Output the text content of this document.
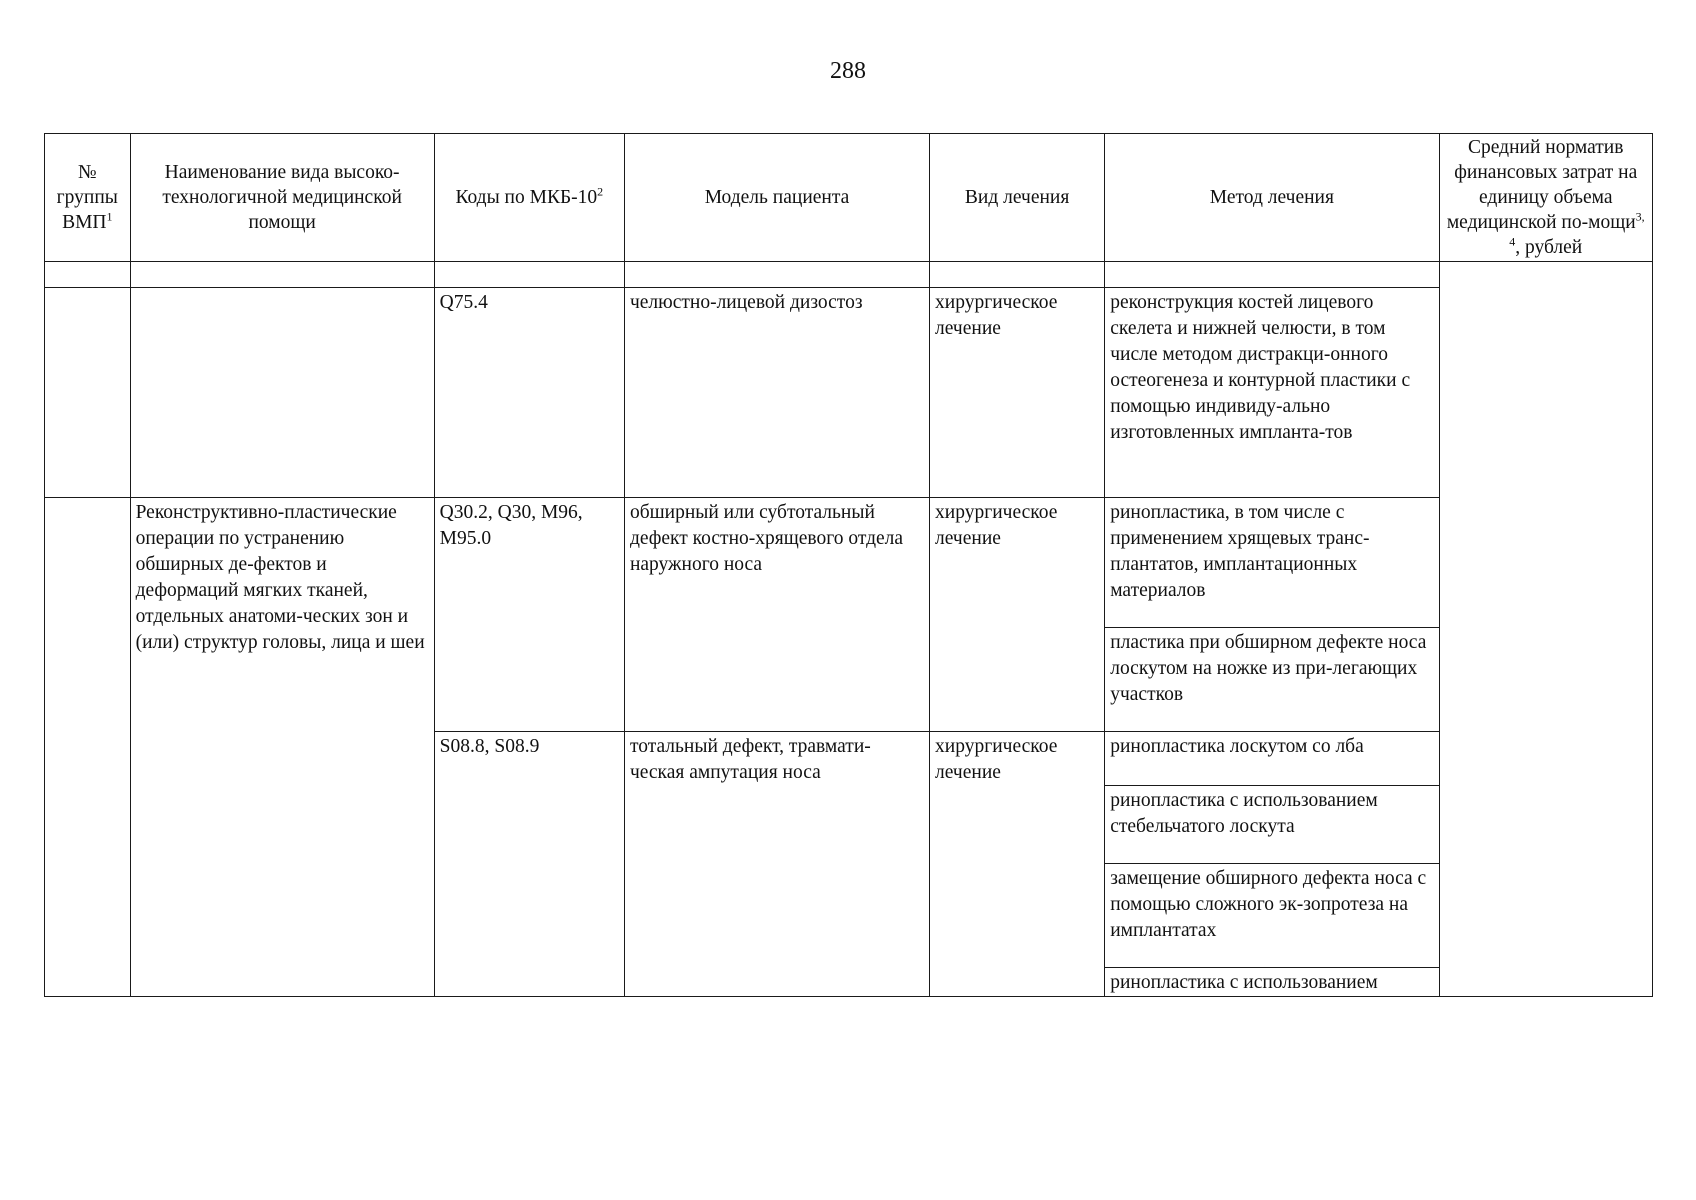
288
№ группы ВМП$^1$	Наименование вида высоко-технологичной медицинской помощи	Коды по МКБ-$10^2$	Модель пациента	Вид лечения	Метод лечения	Средний норматив финансовых затрат на единицу объема медицинской по-мощи$^{3, 4}$, рублей

		Q75.4	челюстно-лицевой дизостоз	хирургическое лечение	реконструкция костей лицевого скелета и нижней челюсти, в том числе методом дистракци-онного остеогенеза и контурной пластики с помощью индивиду-ально изготовленных импланта-тов	
	Реконструктивно-пластические операции по устранению обширных де-фектов и деформаций мягких тканей, отдельных анатоми-ческих зон и (или) структур головы, лица и шеи	Q30.2, Q30, M96, M95.0	обширный или субтотальный дефект костно-хрящевого отдела наружного носа	хирургическое лечение	ринопластика, в том числе с применением хрящевых транс-плантатов, имплантационных материалов	
					пластика при обширном дефекте носа лоскутом на ножке из при-легающих участков	
		S08.8, S08.9	тотальный дефект, травмати-ческая ампутация носа	хирургическое лечение	ринопластика лоскутом со лба	
					ринопластика с использованием стебельчатого лоскута	
					замещение обширного дефекта носа с помощью сложного эк-зопротеза на имплантатах	
					ринопластика с использованием	
